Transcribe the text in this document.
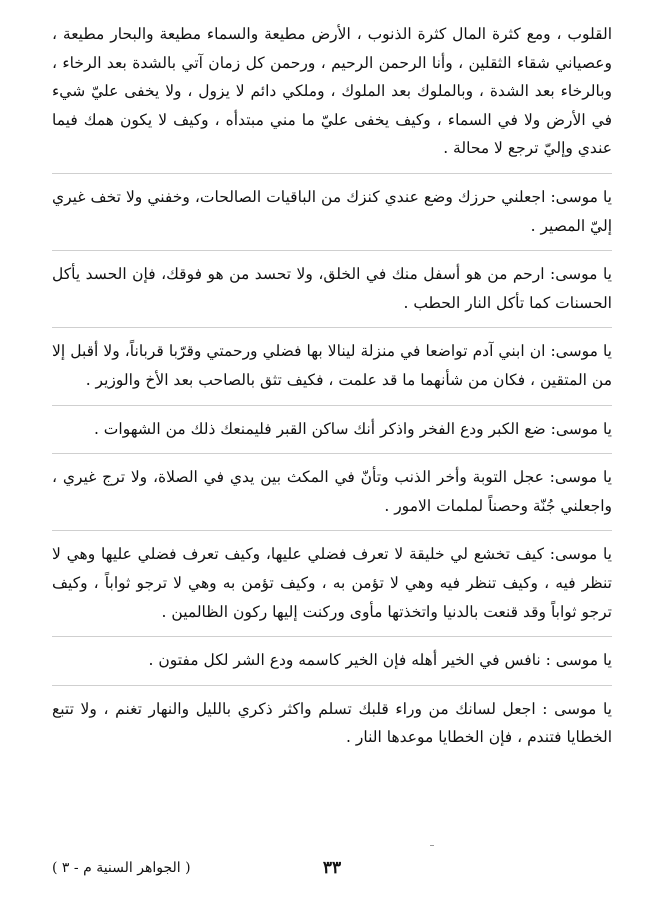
القلوب ، ومع كثرة المال كثرة الذنوب ، الأرض مطيعة والسماء مطيعة والبحار مطيعة ، وعصياني شقاء الثقلين ، وأنا الرحمن الرحيم ، ورحمن كل زمان آتي بالشدة بعد الرخاء ، وبالرخاء بعد الشدة ، وبالملوك بعد الملوك ، وملكي دائم لا يزول ، ولا يخفى عليّ شيء في الأرض ولا في السماء ، وكيف يخفى عليّ ما مني مبتدأه ، وكيف لا يكون همك فيما عندي وإليّ ترجع لا محالة .

يا موسى: اجعلني حرزك وضع عندي كنزك من الباقيات الصالحات، وخفني ولا تخف غيري إليّ المصير .

يا موسى: ارحم من هو أسفل منك في الخلق، ولا تحسد من هو فوقك، فإن الحسد يأكل الحسنات كما تأكل النار الحطب .

يا موسى: ان ابني آدم تواضعا في منزلة لينالا بها فضلي ورحمتي وقرّبا قرباناً، ولا أقبل إلا من المتقين ، فكان من شأنهما ما قد علمت ، فكيف تثق بالصاحب بعد الأخ والوزير .

يا موسى: ضع الكبر ودع الفخر واذكر أنك ساكن القبر فليمنعك ذلك من الشهوات .

يا موسى: عجل التوبة وأخر الذنب وتأنّ في المكث بين يدي في الصلاة، ولا ترج غيري ، واجعلني جُنّة وحصناً لملمات الامور .

يا موسى: كيف تخشع لي خليقة لا تعرف فضلي عليها، وكيف تعرف فضلي عليها وهي لا تنظر فيه ، وكيف تنظر فيه وهي لا تؤمن به ، وكيف تؤمن به وهي لا ترجو ثواباً ، وكيف ترجو ثواباً وقد قنعت بالدنيا واتخذتها مأوى وركنت إليها ركون الظالمين .

يا موسى : نافس في الخير أهله فإن الخير كاسمه ودع الشر لكل مفتون .

يا موسى : اجعل لسانك من وراء قلبك تسلم واكثر ذكري بالليل والنهار تغنم ، ولا تتبع الخطايا فتندم ، فإن الخطايا موعدها النار .

٣٣
( الجواهر السنية م - ٣ )
